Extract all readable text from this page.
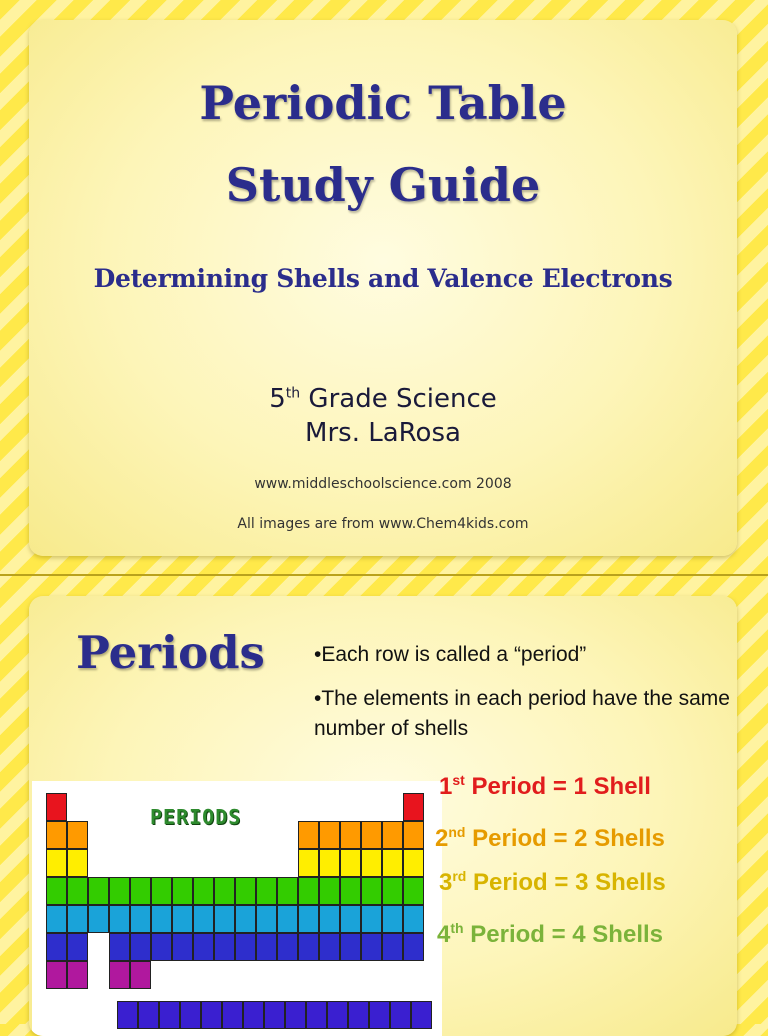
Periodic Table
Study Guide
Determining Shells and Valence Electrons
5th Grade Science
Mrs. LaRosa
www.middleschoolscience.com 2008
All images are from www.Chem4kids.com
Periods •Each row is called a “period”
•The elements in each period have the same number of shells
PERIODS
1st Period = 1 Shell
2nd Period = 2 Shells
3rd Period = 3 Shells
4th Period = 4 Shells
